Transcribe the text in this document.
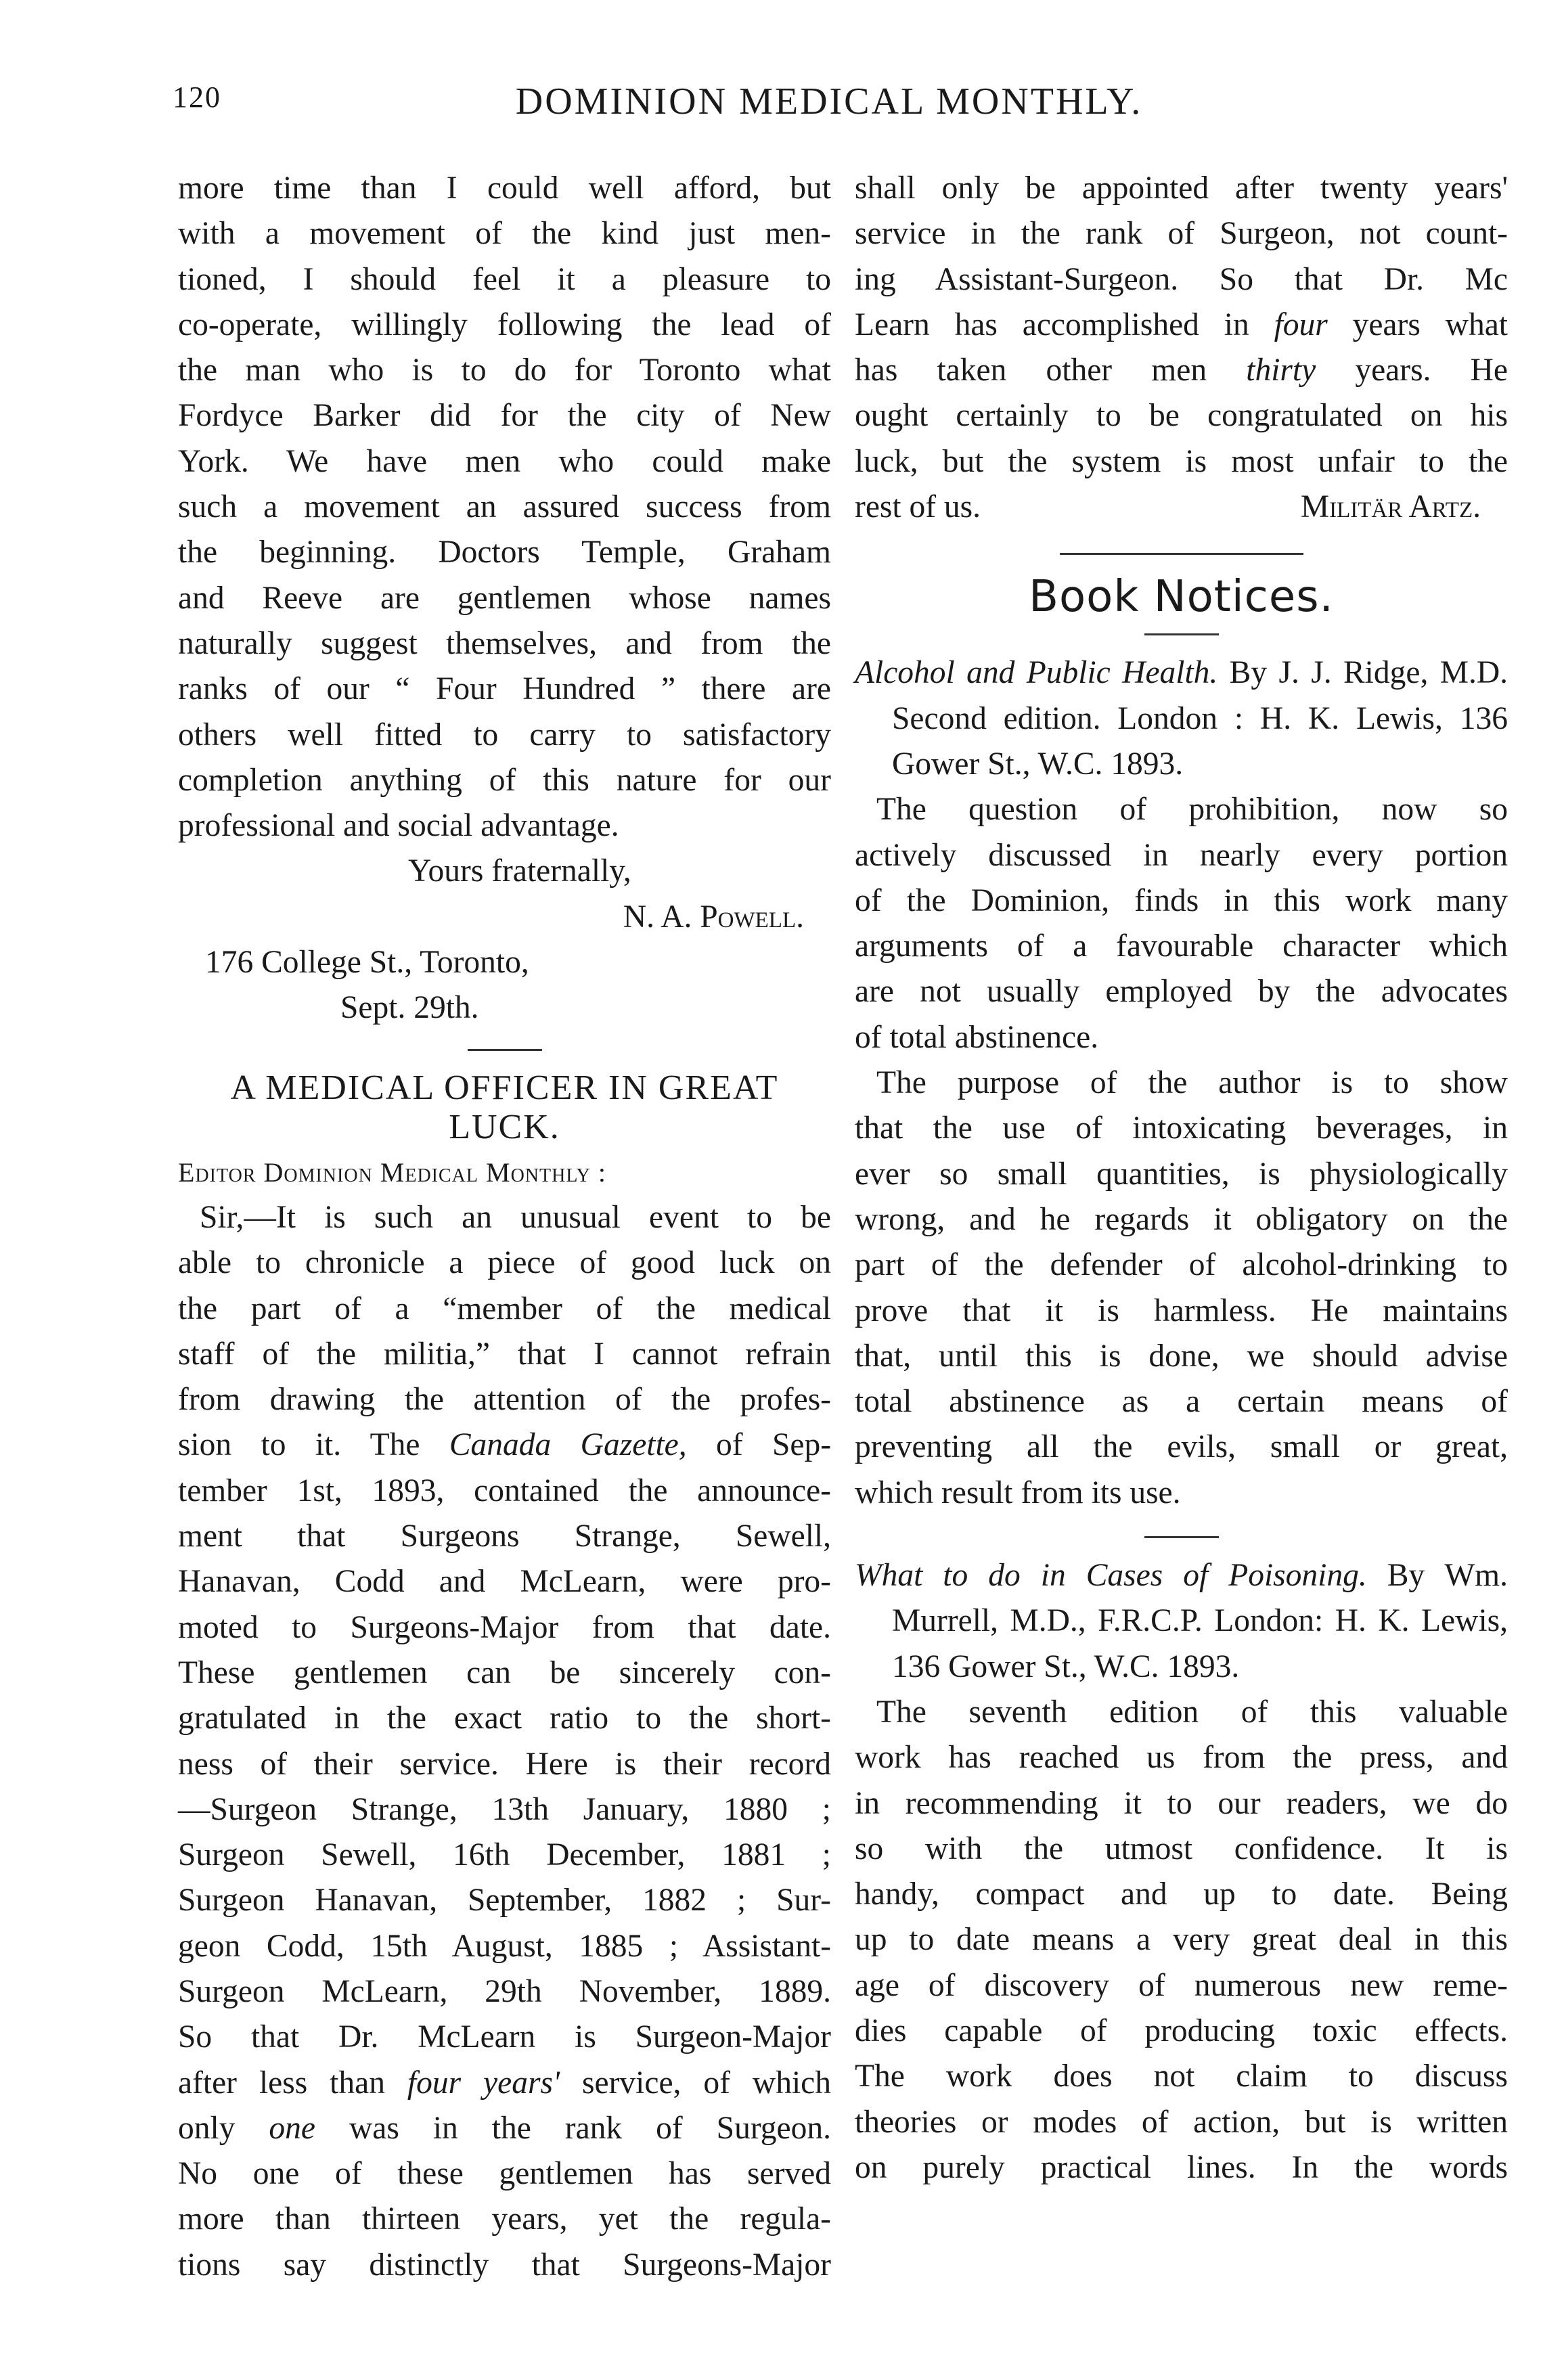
120	DOMINION MEDICAL MONTHLY.

more time than I could well afford, but

with a movement of the kind just men-

tioned, I should feel it a pleasure to

co-operate, willingly following the lead of

the man who is to do for Toronto what

Fordyce Barker did for the city of New

York. We have men who could make

such a movement an assured success from

the beginning. Doctors Temple, Graham

and Reeve are gentlemen whose names

naturally suggest themselves, and from the

ranks of our “ Four Hundred ” there are

others well fitted to carry to satisfactory

completion anything of this nature for our

professional and social advantage.

Yours fraternally,

N. A. Powell.

176 College St., Toronto,

Sept. 29th.

A MEDICAL OFFICER IN GREAT

LUCK.

Editor Dominion Medical Monthly :

Sir,—It is such an unusual event to be

able to chronicle a piece of good luck on

the part of a “member of the medical

staff of the militia,” that I cannot refrain

from drawing the attention of the profes-

sion to it. The Canada Gazette, of Sep-

tember 1st, 1893, contained the announce-

ment that Surgeons Strange, Sewell,

Hanavan, Codd and McLearn, were pro-

moted to Surgeons-Major from that date.

These gentlemen can be sincerely con-

gratulated in the exact ratio to the short-

ness of their service. Here is their record

—Surgeon Strange, 13th January, 1880 ;

Surgeon Sewell, 16th December, 1881 ;

Surgeon Hanavan, September, 1882 ; Sur-

geon Codd, 15th August, 1885 ; Assistant-

Surgeon McLearn, 29th November, 1889.

So that Dr. McLearn is Surgeon-Major

after less than four years' service, of which

only one was in the rank of Surgeon.

No one of these gentlemen has served

more than thirteen years, yet the regula-

tions say distinctly that Surgeons-Major

shall only be appointed after twenty years'

service in the rank of Surgeon, not count-

ing Assistant-Surgeon. So that Dr. Mc

Learn has accomplished in four years what

has taken other men thirty years. He

ought certainly to be congratulated on his

luck, but the system is most unfair to the

rest of us.	Militär Artz.

Book Notices.

Alcohol and Public Health. By J. J. Ridge, M.D. Second edition. London : H. K. Lewis, 136 Gower St., W.C. 1893.

The question of prohibition, now so

actively discussed in nearly every portion

of the Dominion, finds in this work many

arguments of a favourable character which

are not usually employed by the advocates

of total abstinence.

The purpose of the author is to show

that the use of intoxicating beverages, in

ever so small quantities, is physiologically

wrong, and he regards it obligatory on the

part of the defender of alcohol-drinking to

prove that it is harmless. He maintains

that, until this is done, we should advise

total abstinence as a certain means of

preventing all the evils, small or great,

which result from its use.

What to do in Cases of Poisoning. By Wm. Murrell, M.D., F.R.C.P. London: H. K. Lewis, 136 Gower St., W.C. 1893.

The seventh edition of this valuable

work has reached us from the press, and

in recommending it to our readers, we do

so with the utmost confidence. It is

handy, compact and up to date. Being

up to date means a very great deal in this

age of discovery of numerous new reme-

dies capable of producing toxic effects.

The work does not claim to discuss

theories or modes of action, but is written

on purely practical lines. In the words
